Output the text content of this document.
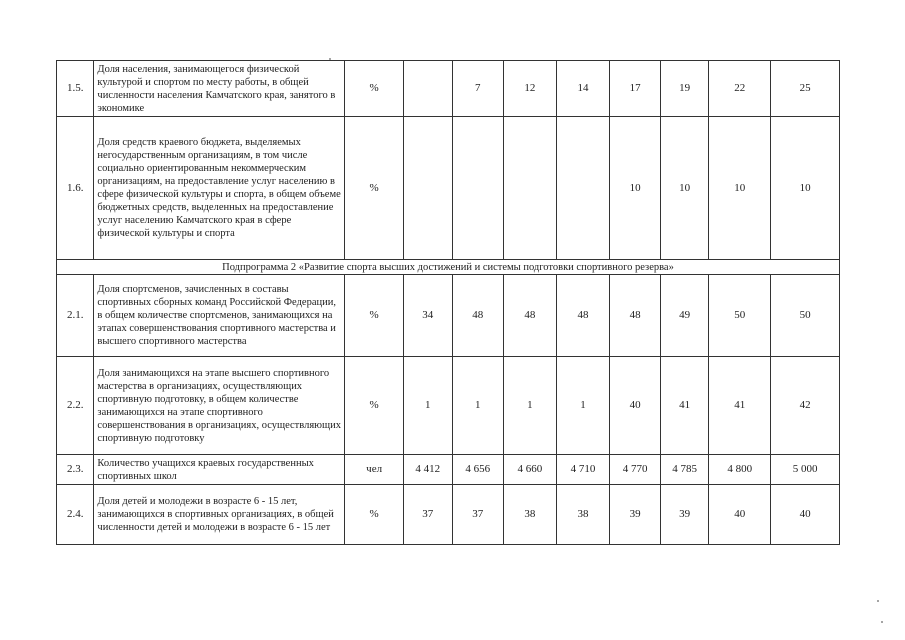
1.5.	Доля населения, занимающегося физической культурой и спортом по месту работы, в общей численности населения Камчатского края, занятого в экономике	%		7	12	14	17	19	22	25
1.6.	Доля средств краевого бюджета, выделяемых негосударственным организациям, в том числе социально ориентированным некоммерческим организациям, на предоставление услуг населению в сфере физической культуры и спорта, в общем объеме бюджетных средств, выделенных на предоставление услуг населению Камчатского края в сфере физической культуры и спорта	%					10	10	10	10
Подпрограмма 2 «Развитие спорта высших достижений и системы подготовки спортивного резерва»										
2.1.	Доля спортсменов, зачисленных в составы спортивных сборных команд Российской Федерации, в общем количестве спортсменов, занимающихся на этапах совершенствования спортивного мастерства и высшего спортивного мастерства	%	34	48	48	48	48	49	50	50
2.2.	Доля занимающихся на этапе высшего спортивного мастерства в организациях, осуществляющих спортивную подготовку, в общем количестве занимающихся на этапе спортивного совершенствования в организациях, осуществляющих спортивную подготовку	%	1	1	1	1	40	41	41	42
2.3.	Количество учащихся краевых государственных спортивных школ	чел	4 412	4 656	4 660	4 710	4 770	4 785	4 800	5 000
2.4.	Доля детей и молодежи в возрасте 6 - 15 лет, занимающихся в спортивных организациях, в общей численности детей и молодежи в возрасте 6 - 15 лет	%	37	37	38	38	39	39	40	40
